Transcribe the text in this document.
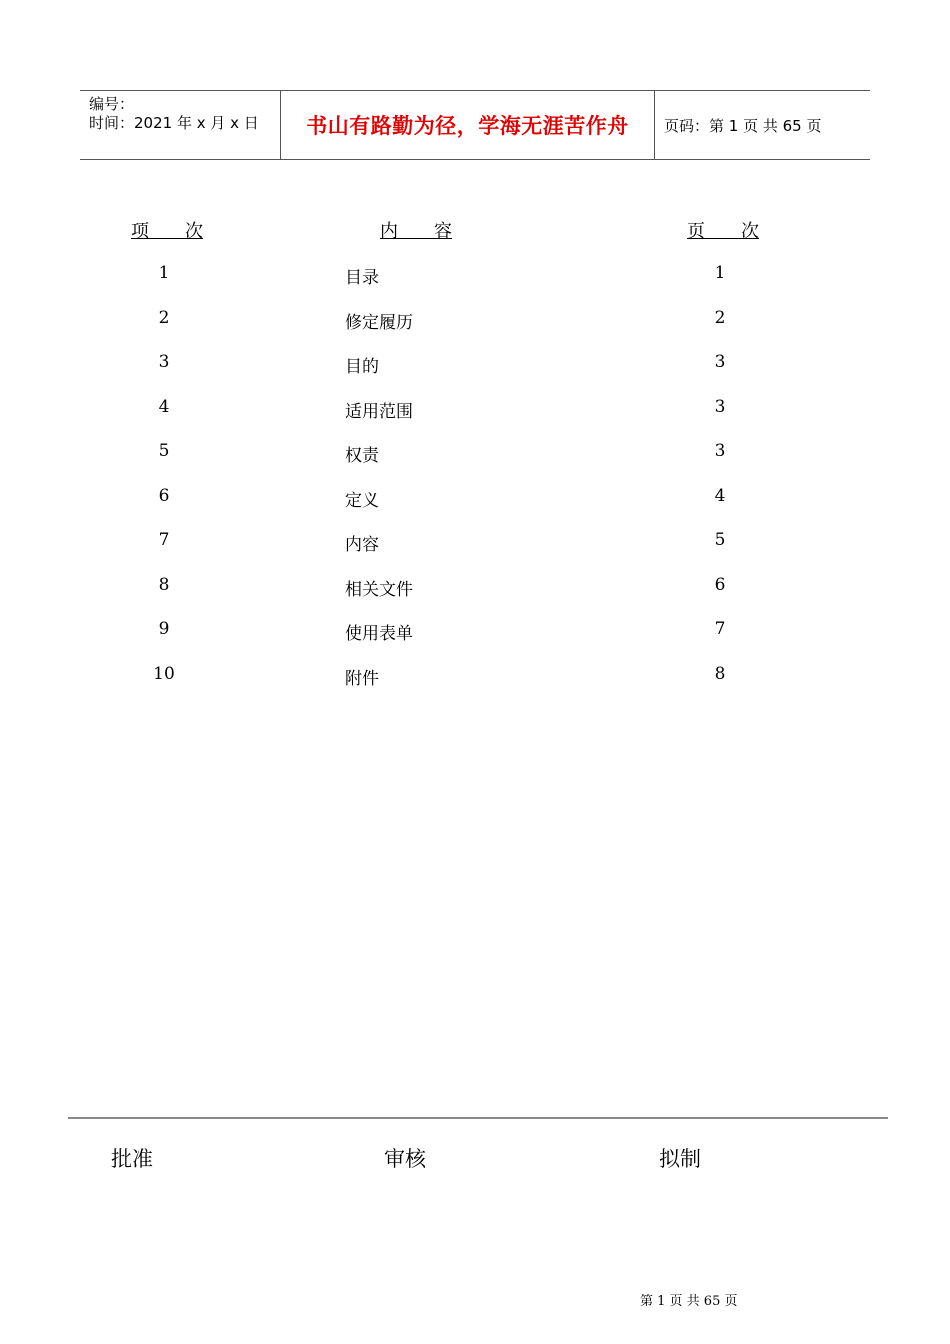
编号：
时间：2021 年 x 月 x 日 书山有路勤为径，学海无涯苦作舟 页码：第 1 页 共 65 页
项　　次	内　　容	页　　次
1	目录	1
2	修定履历	2
3	目的	3
4	适用范围	3
5	权责	3
6	定义	4
7	内容	5
8	相关文件	6
9	使用表单	7
10	附件	8
批准	审核	拟制
第 1 页 共 65 页
